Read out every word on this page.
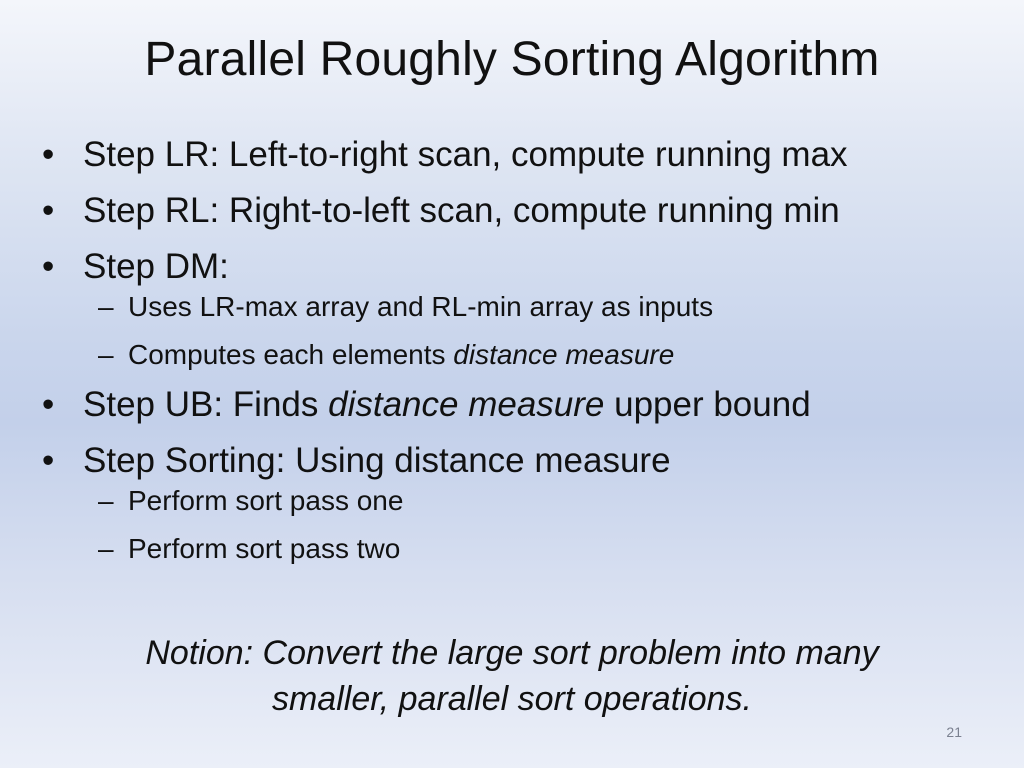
Parallel Roughly Sorting Algorithm
• Step LR: Left-to-right scan, compute running max
• Step RL: Right-to-left scan, compute running min
• Step DM:
– Uses LR-max array and RL-min array as inputs
– Computes each elements distance measure
• Step UB: Finds distance measure upper bound
• Step Sorting: Using distance measure
– Perform sort pass one
– Perform sort pass two

Notion: Convert the large sort problem into many
smaller, parallel sort operations.

21
